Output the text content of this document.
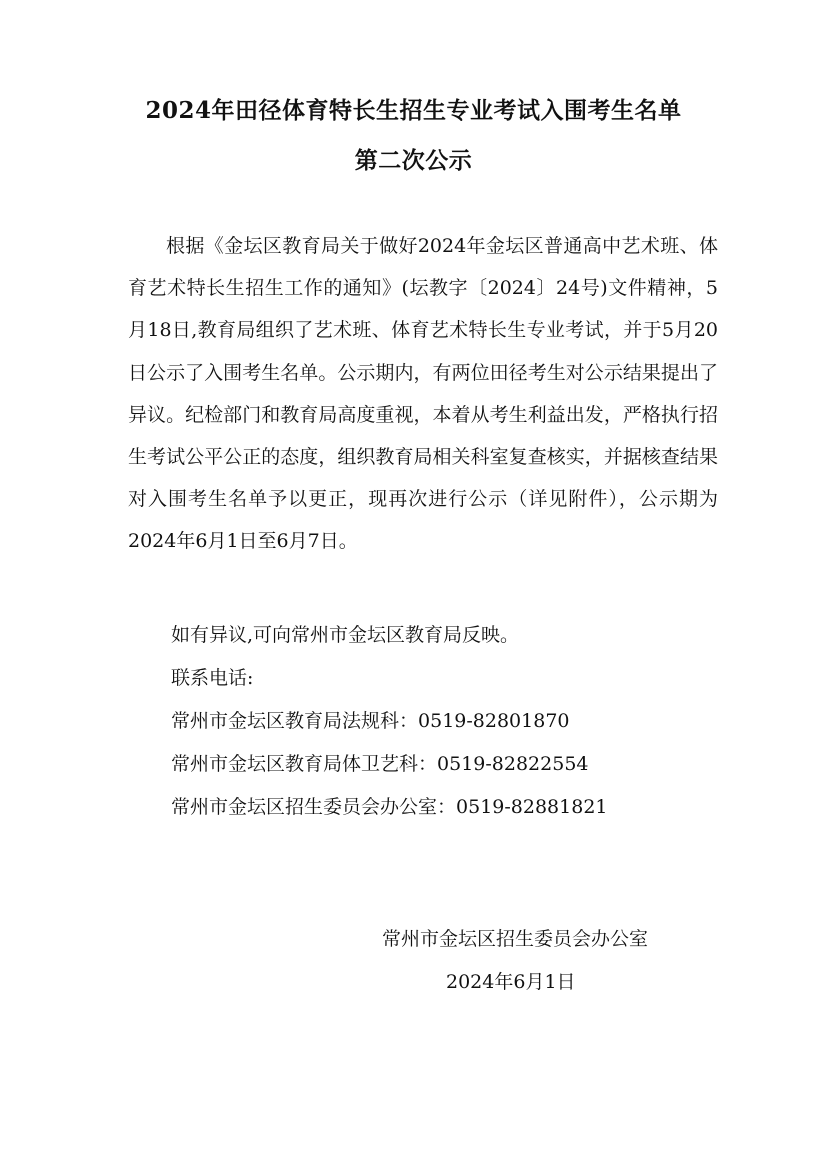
2024年田径体育特长生招生专业考试入围考生名单
第二次公示

根据《金坛区教育局关于做好2024年金坛区普通高中艺术班、体育艺术特长生招生工作的通知》(坛教字〔2024〕24号)文件精神，5月18日,教育局组织了艺术班、体育艺术特长生专业考试，并于5月20日公示了入围考生名单。公示期内，有两位田径考生对公示结果提出了异议。纪检部门和教育局高度重视，本着从考生利益出发，严格执行招生考试公平公正的态度，组织教育局相关科室复查核实，并据核查结果对入围考生名单予以更正，现再次进行公示（详见附件），公示期为2024年6月1日至6月7日。

如有异议,可向常州市金坛区教育局反映。
联系电话:
常州市金坛区教育局法规科：0519-82801870
常州市金坛区教育局体卫艺科：0519-82822554
常州市金坛区招生委员会办公室：0519-82881821
常州市金坛区招生委员会办公室
2024年6月1日
